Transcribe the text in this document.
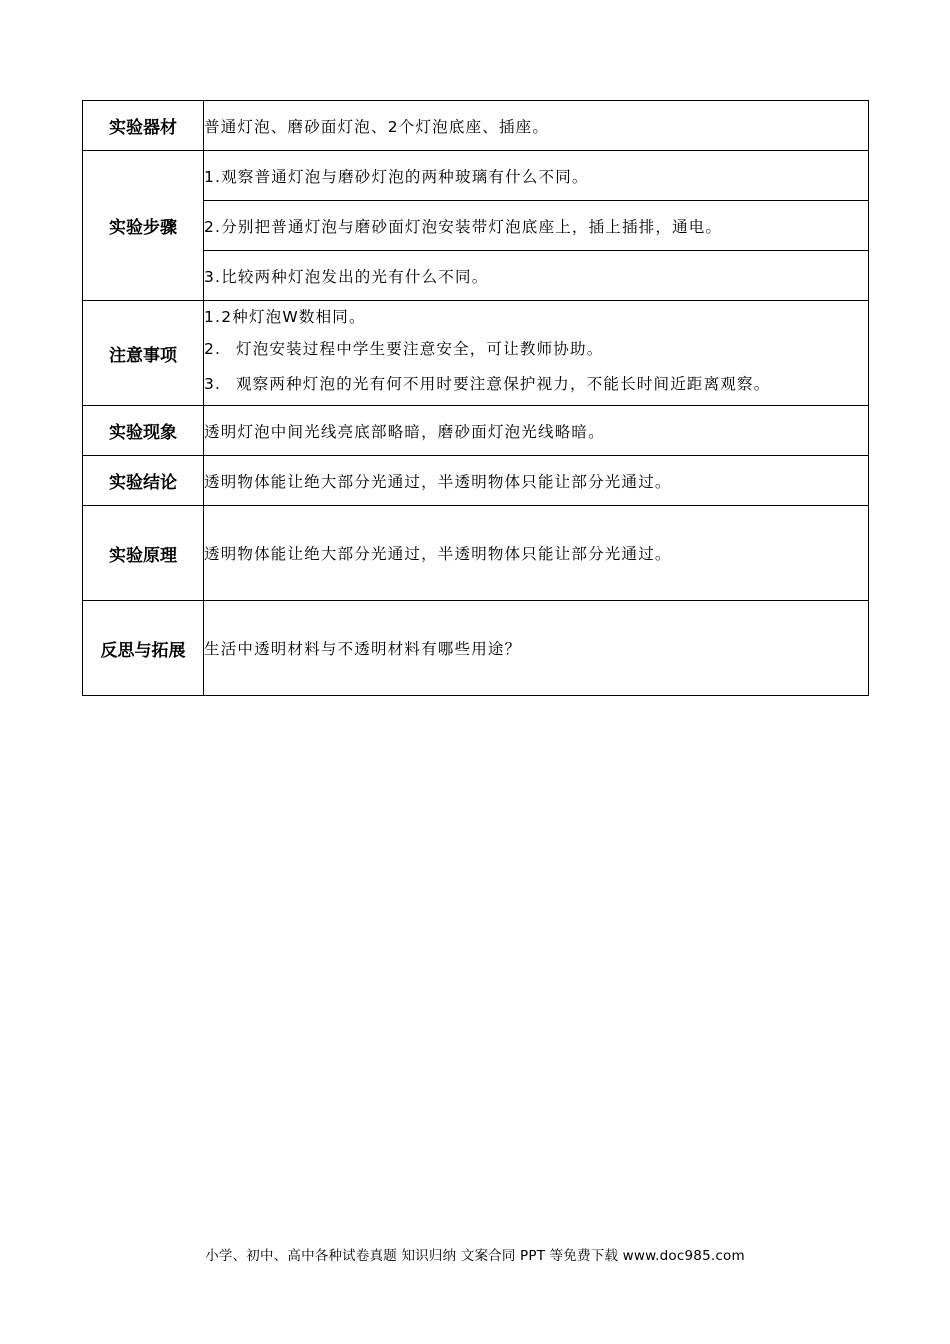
实验器材	普通灯泡、磨砂面灯泡、2个灯泡底座、插座。
实验步骤	1.观察普通灯泡与磨砂灯泡的两种玻璃有什么不同。
	2.分别把普通灯泡与磨砂面灯泡安装带灯泡底座上，插上插排，通电。
	3.比较两种灯泡发出的光有什么不同。
注意事项	1.2种灯泡W数相同。
2. 灯泡安装过程中学生要注意安全，可让教师协助。
3. 观察两种灯泡的光有何不用时要注意保护视力，不能长时间近距离观察。

实验现象	透明灯泡中间光线亮底部略暗，磨砂面灯泡光线略暗。
实验结论	透明物体能让绝大部分光通过，半透明物体只能让部分光通过。
实验原理	透明物体能让绝大部分光通过，半透明物体只能让部分光通过。
反思与拓展	生活中透明材料与不透明材料有哪些用途？
小学、初中、高中各种试卷真题 知识归纳 文案合同 PPT 等免费下载 www.doc985.com
